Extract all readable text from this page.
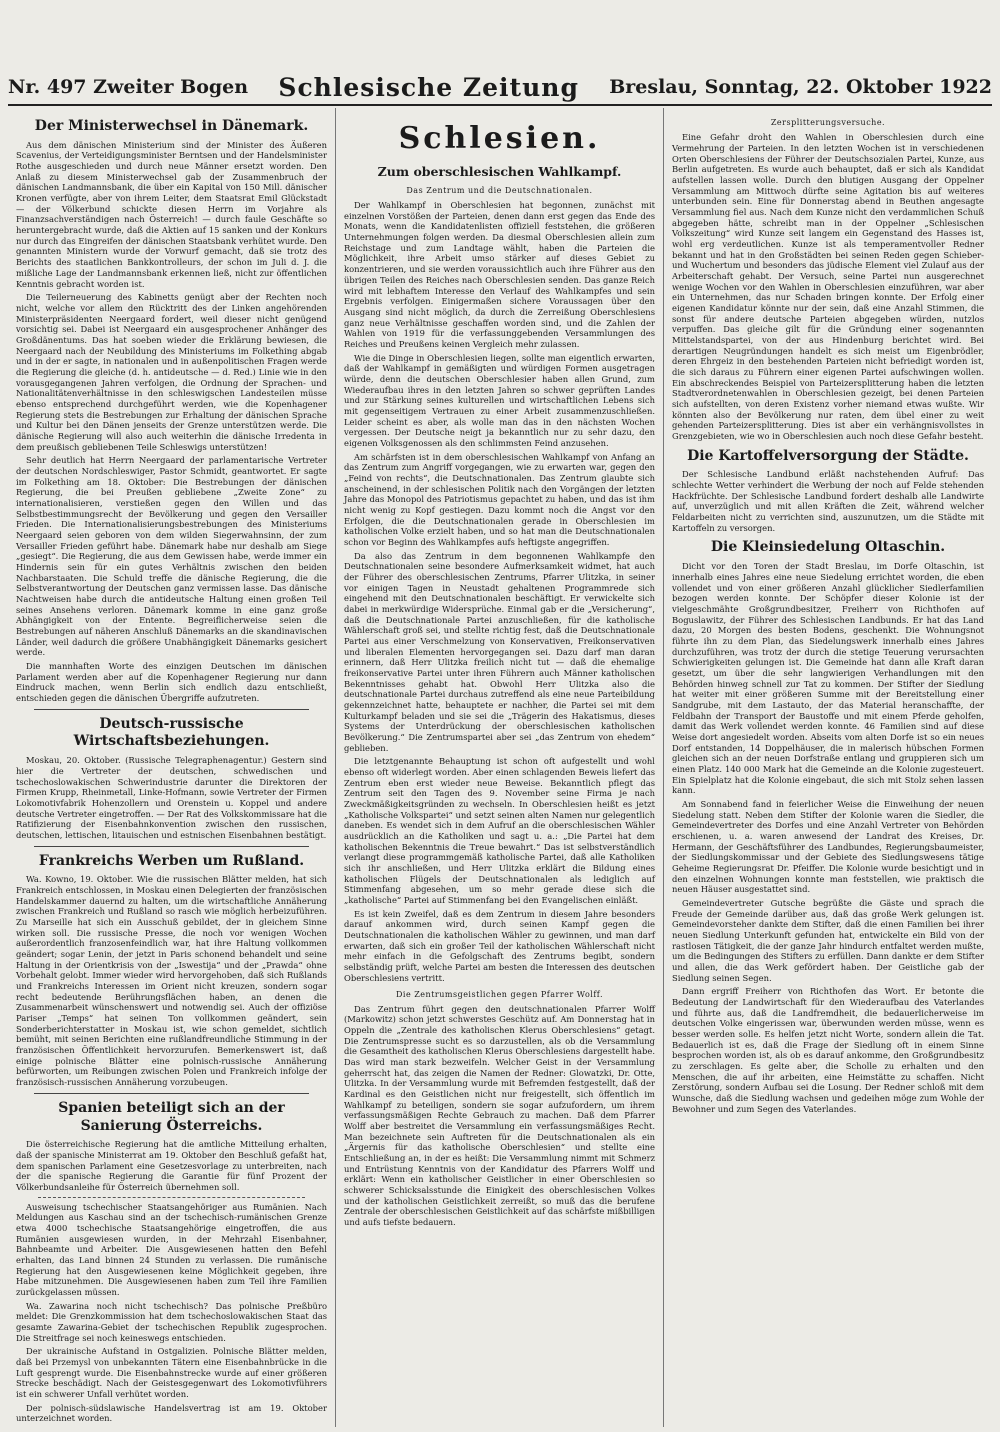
Nr. 497 Zweiter Bogen Schlesische Zeitung Breslau, Sonntag, 22. Oktober 1922
Der Ministerwechsel in Dänemark.

Aus dem dänischen Ministerium sind der Minister des Äußeren Scavenius, der Verteidigungsminister Berntsen und der Handelsminister Rothe ausgeschieden und durch neue Männer ersetzt worden. Den Anlaß zu diesem Ministerwechsel gab der Zusammenbruch der dänischen Landmannsbank, die über ein Kapital von 150 Mill. dänischer Kronen verfügte, aber von ihrem Leiter, dem Staatsrat Emil Glückstadt — der Völkerbund schickte diesen Herrn im Vorjahre als Finanzsachverständigen nach Österreich! — durch faule Geschäfte so heruntergebracht wurde, daß die Aktien auf 15 sanken und der Konkurs nur durch das Eingreifen der dänischen Staatsbank verhütet wurde. Den genannten Ministern wurde der Vorwurf gemacht, daß sie trotz des Berichts des staatlichen Bankkontrolleurs, der schon im Juli d. J. die mißliche Lage der Landmannsbank erkennen ließ, nicht zur öffentlichen Kenntnis gebracht worden ist.

Die Teilerneuerung des Kabinetts genügt aber der Rechten noch nicht, welche vor allem den Rücktritt des der Linken angehörenden Ministerpräsidenten Neergaard fordert, weil dieser nicht genügend vorsichtig sei. Dabei ist Neergaard ein ausgesprochener Anhänger des Großdänentums. Das hat soeben wieder die Erklärung bewiesen, die Neergaard nach der Neubildung des Ministeriums im Folkething abgab und in der er sagte, in nationalen und in außenpolitischen Fragen werde die Regierung die gleiche (d. h. antideutsche — d. Red.) Linie wie in den vorausgegangenen Jahren verfolgen, die Ordnung der Sprachen- und Nationalitätenverhältnisse in den schleswigschen Landesteilen müsse ebenso entsprechend durchgeführt werden, wie die Kopenhagener Regierung stets die Bestrebungen zur Erhaltung der dänischen Sprache und Kultur bei den Dänen jenseits der Grenze unterstützen werde. Die dänische Regierung will also auch weiterhin die dänische Irredenta in dem preußisch gebliebenen Teile Schleswigs unterstützen!

Sehr deutlich hat Herrn Neergaard der parlamentarische Vertreter der deutschen Nordschleswiger, Pastor Schmidt, geantwortet. Er sagte im Folkething am 18. Oktober: Die Bestrebungen der dänischen Regierung, die bei Preußen gebliebene „Zweite Zone“ zu internationalisieren, verstießen gegen den Willen und das Selbstbestimmungsrecht der Bevölkerung und gegen den Versailler Frieden. Die Internationalisierungsbestrebungen des Ministeriums Neergaard seien geboren von dem wilden Siegerwahnsinn, der zum Versailler Frieden geführt habe. Dänemark habe nur deshalb am Siege „gesiegt“. Die Regierung, die aus dem Gewissen habe, werde immer ein Hindernis sein für ein gutes Verhältnis zwischen den beiden Nachbarstaaten. Die Schuld treffe die dänische Regierung, die die Selbstverantwortung der Deutschen ganz vermissen lasse. Das dänische Nachtweisen habe durch die antideutsche Haltung einen großen Teil seines Ansehens verloren. Dänemark komme in eine ganz große Abhängigkeit von der Entente. Begreiflicherweise seien die Bestrebungen auf näheren Anschluß Dänemarks an die skandinavischen Länder, weil dadurch die größere Unabhängigkeit Dänemarks gesichert werde.

Die mannhaften Worte des einzigen Deutschen im dänischen Parlament werden aber auf die Kopenhagener Regierung nur dann Eindruck machen, wenn Berlin sich endlich dazu entschließt, entschieden gegen die dänischen Übergriffe aufzutreten.

Deutsch-russische Wirtschaftsbeziehungen.

Moskau, 20. Oktober. (Russische Telegraphenagentur.) Gestern sind hier die Vertreter der deutschen, schwedischen und tschechoslowakischen Schwerindustrie darunter die Direktoren der Firmen Krupp, Rheinmetall, Linke-Hofmann, sowie Vertreter der Firmen Lokomotivfabrik Hohenzollern und Orenstein u. Koppel und andere deutsche Vertreter eingetroffen. — Der Rat des Volkskommissare hat die Ratifizierung der Eisenbahnkonvention zwischen den russischen, deutschen, lettischen, litauischen und estnischen Eisenbahnen bestätigt.

Frankreichs Werben um Rußland.

Wa. Kowno, 19. Oktober. Wie die russischen Blätter melden, hat sich Frankreich entschlossen, in Moskau einen Delegierten der französischen Handelskammer dauernd zu halten, um die wirtschaftliche Annäherung zwischen Frankreich und Rußland so rasch wie möglich herbeizuführen. Zu Marseille hat sich ein Ausschuß gebildet, der in gleichem Sinne wirken soll. Die russische Presse, die noch vor wenigen Wochen außerordentlich franzosenfeindlich war, hat ihre Haltung vollkommen geändert; sogar Lenin, der jetzt in Paris schonend behandelt und seine Haltung in der Orientkrisis von der „Iswestija“ und der „Prawda“ ohne Vorbehalt gelobt. Immer wieder wird hervorgehoben, daß sich Rußlands und Frankreichs Interessen im Orient nicht kreuzen, sondern sogar recht bedeutende Berührungsflächen haben, an denen die Zusammenarbeit wünschenswert und notwendig sei. Auch der offiziöse Pariser „Temps“ hat seinen Ton vollkommen geändert, sein Sonderberichterstatter in Moskau ist, wie schon gemeldet, sichtlich bemüht, mit seinen Berichten eine rußlandfreundliche Stimmung in der französischen Öffentlichkeit hervorzurufen. Bemerkenswert ist, daß einige polnische Blätter eine polnisch-russische Annäherung befürworten, um Reibungen zwischen Polen und Frankreich infolge der französisch-russischen Annäherung vorzubeugen.

Spanien beteiligt sich an der Sanierung Österreichs.

Die österreichische Regierung hat die amtliche Mitteilung erhalten, daß der spanische Ministerrat am 19. Oktober den Beschluß gefaßt hat, dem spanischen Parlament eine Gesetzesvorlage zu unterbreiten, nach der die spanische Regierung die Garantie für fünf Prozent der Völkerbundsanleihe für Österreich übernehmen soll.

Ausweisung tschechischer Staatsangehöriger aus Rumänien. Nach Meldungen aus Kaschau sind an der tschechisch-rumänischen Grenze etwa 4000 tschechische Staatsangehörige eingetroffen, die aus Rumänien ausgewiesen wurden, in der Mehrzahl Eisenbahner, Bahnbeamte und Arbeiter. Die Ausgewiesenen hatten den Befehl erhalten, das Land binnen 24 Stunden zu verlassen. Die rumänische Regierung hat den Ausgewiesenen keine Möglichkeit gegeben, ihre Habe mitzunehmen. Die Ausgewiesenen haben zum Teil ihre Familien zurückgelassen müssen.

Wa. Zawarina noch nicht tschechisch? Das polnische Preßbüro meldet: Die Grenzkommission hat dem tschechoslowakischen Staat das gesamte Zawarina-Gebiet der tschechischen Republik zugesprochen. Die Streitfrage sei noch keineswegs entschieden.

Der ukrainische Aufstand in Ostgalizien. Polnische Blätter melden, daß bei Przemysl von unbekannten Tätern eine Eisenbahnbrücke in die Luft gesprengt wurde. Die Eisenbahnstrecke wurde auf einer größeren Strecke beschädigt. Nach der Geistesgegenwart des Lokomotivführers ist ein schwerer Unfall verhütet worden.

Der polnisch-südslawische Handelsvertrag ist am 19. Oktober unterzeichnet worden.

Schlesien.
Zum oberschlesischen Wahlkampf.
Das Zentrum und die Deutschnationalen.

Der Wahlkampf in Oberschlesien hat begonnen, zunächst mit einzelnen Vorstößen der Parteien, denen dann erst gegen das Ende des Monats, wenn die Kandidatenlisten offiziell feststehen, die größeren Unternehmungen folgen werden. Da diesmal Oberschlesien allein zum Reichstage und zum Landtage wählt, haben die Parteien die Möglichkeit, ihre Arbeit umso stärker auf dieses Gebiet zu konzentrieren, und sie werden voraussichtlich auch ihre Führer aus den übrigen Teilen des Reiches nach Oberschlesien senden. Das ganze Reich wird mit lebhaftem Interesse den Verlauf des Wahlkampfes und sein Ergebnis verfolgen. Einigermaßen sichere Voraussagen über den Ausgang sind nicht möglich, da durch die Zerreißung Oberschlesiens ganz neue Verhältnisse geschaffen worden sind, und die Zahlen der Wahlen von 1919 für die verfassunggebenden Versammlungen des Reiches und Preußens keinen Vergleich mehr zulassen.

Wie die Dinge in Oberschlesien liegen, sollte man eigentlich erwarten, daß der Wahlkampf in gemäßigten und würdigen Formen ausgetragen würde, denn die deutschen Oberschlesier haben allen Grund, zum Wiederaufbau ihres in den letzten Jahren so schwer geprüften Landes und zur Stärkung seines kulturellen und wirtschaftlichen Lebens sich mit gegenseitigem Vertrauen zu einer Arbeit zusammenzuschließen. Leider scheint es aber, als wolle man das in den nächsten Wochen vergessen. Der Deutsche neigt ja bekanntlich nur zu sehr dazu, den eigenen Volksgenossen als den schlimmsten Feind anzusehen.

Am schärfsten ist in dem oberschlesischen Wahlkampf von Anfang an das Zentrum zum Angriff vorgegangen, wie zu erwarten war, gegen den „Feind von rechts“, die Deutschnationalen. Das Zentrum glaubte sich anscheinend, in der schlesischen Politik nach den Vorgängen der letzten Jahre das Monopol des Patriotismus gepachtet zu haben, und das ist ihm nicht wenig zu Kopf gestiegen. Dazu kommt noch die Angst vor den Erfolgen, die die Deutschnationalen gerade in Oberschlesien im katholischen Volke erzielt haben, und so hat man die Deutschnationalen schon vor Beginn des Wahlkampfes aufs heftigste angegriffen.

Da also das Zentrum in dem begonnenen Wahlkampfe den Deutschnationalen seine besondere Aufmerksamkeit widmet, hat auch der Führer des oberschlesischen Zentrums, Pfarrer Ulitzka, in seiner vor einigen Tagen in Neustadt gehaltenen Programmrede sich eingehend mit den Deutschnationalen beschäftigt. Er verwickelte sich dabei in merkwürdige Widersprüche. Einmal gab er die „Versicherung“, daß die Deutschnationale Partei anzuschließen, für die katholische Wählerschaft groß sei, und stellte richtig fest, daß die Deutschnationale Partei aus einer Verschmelzung von Konservativen, Freikonservativen und liberalen Elementen hervorgegangen sei. Dazu darf man daran erinnern, daß Herr Ulitzka freilich nicht tut — daß die ehemalige freikonservative Partei unter ihren Führern auch Männer katholischen Bekenntnisses gehabt hat. Obwohl Herr Ulitzka also die deutschnationale Partei durchaus zutreffend als eine neue Parteibildung gekennzeichnet hatte, behauptete er nachher, die Partei sei mit dem Kulturkampf beladen und sie sei die „Trägerin des Hakatismus, dieses Systems der Unterdrückung der oberschlesischen katholischen Bevölkerung.“ Die Zentrumspartei aber sei „das Zentrum von ehedem“ geblieben.

Die letztgenannte Behauptung ist schon oft aufgestellt und wohl ebenso oft widerlegt worden. Aber einen schlagenden Beweis liefert das Zentrum eben erst wieder neue Beweise. Bekanntlich pflegt das Zentrum seit den Tagen des 9. November seine Firma je nach Zweckmäßigkeitsgründen zu wechseln. In Oberschlesien heißt es jetzt „Katholische Volkspartei“ und setzt seinen alten Namen nur gelegentlich daneben. Es wendet sich in dem Aufruf an die oberschlesischen Wähler ausdrücklich an die Katholiken und sagt u. a.: „Die Partei hat dem katholischen Bekenntnis die Treue bewahrt.“ Das ist selbstverständlich verlangt diese programmgemäß katholische Partei, daß alle Katholiken sich ihr anschließen, und Herr Ulitzka erklärt die Bildung eines katholischen Flügels der Deutschnationalen als lediglich auf Stimmenfang abgesehen, um so mehr gerade diese sich die „katholische“ Partei auf Stimmenfang bei den Evangelischen einläßt.

Es ist kein Zweifel, daß es dem Zentrum in diesem Jahre besonders darauf ankommen wird, durch seinen Kampf gegen die Deutschnationalen die katholischen Wähler zu gewinnen, und man darf erwarten, daß sich ein großer Teil der katholischen Wählerschaft nicht mehr einfach in die Gefolgschaft des Zentrums begibt, sondern selbständig prüft, welche Partei am besten die Interessen des deutschen Oberschlesiens vertritt.

Die Zentrumsgeistlichen gegen Pfarrer Wolff.

Das Zentrum führt gegen den deutschnationalen Pfarrer Wolff (Markowitz) schon jetzt schwerstes Geschütz auf. Am Donnerstag hat in Oppeln die „Zentrale des katholischen Klerus Oberschlesiens“ getagt. Die Zentrumspresse sucht es so darzustellen, als ob die Versammlung die Gesamtheit des katholischen Klerus Oberschlesiens dargestellt habe. Das wird man stark bezweifeln. Welcher Geist in der Versammlung geherrscht hat, das zeigen die Namen der Redner: Glowatzki, Dr. Otte, Ulitzka. In der Versammlung wurde mit Befremden festgestellt, daß der Kardinal es den Geistlichen nicht nur freigestellt, sich öffentlich im Wahlkampf zu beteiligen, sondern sie sogar aufzufordern, um ihrem verfassungsmäßigen Rechte Gebrauch zu machen. Daß dem Pfarrer Wolff aber bestreitet die Versammlung ein verfassungsmäßiges Recht. Man bezeichnete sein Auftreten für die Deutschnationalen als ein „Ärgernis für das katholische Oberschlesien“ und stellte eine Entschließung an, in der es heißt: Die Versammlung nimmt mit Schmerz und Entrüstung Kenntnis von der Kandidatur des Pfarrers Wolff und erklärt: Wenn ein katholischer Geistlicher in einer Oberschlesien so schwerer Schicksalsstunde die Einigkeit des oberschlesischen Volkes und der katholischen Geistlichkeit zerreißt, so muß das die berufene Zentrale der oberschlesischen Geistlichkeit auf das schärfste mißbilligen und aufs tiefste bedauern.

Zersplitterungsversuche.

Eine Gefahr droht den Wahlen in Oberschlesien durch eine Vermehrung der Parteien. In den letzten Wochen ist in verschiedenen Orten Oberschlesiens der Führer der Deutschsozialen Partei, Kunze, aus Berlin aufgetreten. Es wurde auch behauptet, daß er sich als Kandidat aufstellen lassen wolle. Durch den blutigen Ausgang der Oppelner Versammlung am Mittwoch dürfte seine Agitation bis auf weiteres unterbunden sein. Eine für Donnerstag abend in Beuthen angesagte Versammlung fiel aus. Nach dem Kunze nicht den verdammlichen Schuß abgegeben hätte, schreibt man in der Oppelner „Schlesischen Volkszeitung“ wird Kunze seit langem ein Gegenstand des Hasses ist, wohl erg verdeutlichen. Kunze ist als temperamentvoller Redner bekannt und hat in den Großstädten bei seinen Reden gegen Schieber- und Wuchertum und besonders das jüdische Element viel Zulauf aus der Arbeiterschaft gehabt. Der Versuch, seine Partei nun ausgerechnet wenige Wochen vor den Wahlen in Oberschlesien einzuführen, war aber ein Unternehmen, das nur Schaden bringen konnte. Der Erfolg einer eigenen Kandidatur könnte nur der sein, daß eine Anzahl Stimmen, die sonst für andere deutsche Parteien abgegeben würden, nutzlos verpuffen. Das gleiche gilt für die Gründung einer sogenannten Mittelstandspartei, von der aus Hindenburg berichtet wird. Bei derartigen Neugründungen handelt es sich meist um Eigenbrödler, deren Ehrgeiz in den bestehenden Parteien nicht befriedigt worden ist, die sich daraus zu Führern einer eigenen Partei aufschwingen wollen. Ein abschreckendes Beispiel von Parteizersplitterung haben die letzten Stadtverordnetenwahlen in Oberschlesien gezeigt, bei denen Parteien sich aufstellten, von deren Existenz vorher niemand etwas wußte. Wir könnten also der Bevölkerung nur raten, dem übel einer zu weit gehenden Parteizersplitterung. Dies ist aber ein verhängnisvollstes in Grenzgebieten, wie wo in Oberschlesien auch noch diese Gefahr besteht.

Die Kartoffelversorgung der Städte.

Der Schlesische Landbund erläßt nachstehenden Aufruf: Das schlechte Wetter verhindert die Werbung der noch auf Felde stehenden Hackfrüchte. Der Schlesische Landbund fordert deshalb alle Landwirte auf, unverzüglich und mit allen Kräften die Zeit, während welcher Feldarbeiten nicht zu verrichten sind, auszunutzen, um die Städte mit Kartoffeln zu versorgen.

Die Kleinsiedelung Oltaschin.

Dicht vor den Toren der Stadt Breslau, im Dorfe Oltaschin, ist innerhalb eines Jahres eine neue Siedelung errichtet worden, die eben vollendet und von einer größeren Anzahl glücklicher Siedlerfamilien bezogen werden konnte. Der Schöpfer dieser Kolonie ist der vielgeschmähte Großgrundbesitzer, Freiherr von Richthofen auf Boguslawitz, der Führer des Schlesischen Landbunds. Er hat das Land dazu, 20 Morgen des besten Bodens, geschenkt. Die Wohnungsnot führte ihn zu dem Plan, das Siedelungswerk innerhalb eines Jahres durchzuführen, was trotz der durch die stetige Teuerung verursachten Schwierigkeiten gelungen ist. Die Gemeinde hat dann alle Kraft daran gesetzt, um über die sehr langwierigen Verhandlungen mit den Behörden hinweg schnell zur Tat zu kommen. Der Stifter der Siedlung hat weiter mit einer größeren Summe mit der Bereitstellung einer Sandgrube, mit dem Lastauto, der das Material heranschaffte, der Feldbahn der Transport der Baustoffe und mit einem Pferde geholfen, damit das Werk vollendet werden konnte. 46 Familien sind auf diese Weise dort angesiedelt worden. Abseits vom alten Dorfe ist so ein neues Dorf entstanden, 14 Doppelhäuser, die in malerisch hübschen Formen gleichen sich an der neuen Dorfstraße entlang und gruppieren sich um einen Platz. 140 000 Mark hat die Gemeinde an die Kolonie zugesteuert. Ein Spielplatz hat die Kolonie eingebaut, die sich mit Stolz sehen lassen kann.

Am Sonnabend fand in feierlicher Weise die Einweihung der neuen Siedelung statt. Neben dem Stifter der Kolonie waren die Siedler, die Gemeindevertreter des Dorfes und eine Anzahl Vertreter von Behörden erschienen, u. a. waren anwesend der Landrat des Kreises, Dr. Hermann, der Geschäftsführer des Landbundes, Regierungsbaumeister, der Siedlungskommissar und der Gebiete des Siedlungswesens tätige Geheime Regierungsrat Dr. Pfeiffer. Die Kolonie wurde besichtigt und in den einzelnen Wohnungen konnte man feststellen, wie praktisch die neuen Häuser ausgestattet sind.

Gemeindevertreter Gutsche begrüßte die Gäste und sprach die Freude der Gemeinde darüber aus, daß das große Werk gelungen ist. Gemeindevorsteher dankte dem Stifter, daß die einen Familien bei ihrer neuen Siedlung Unterkunft gefunden hat, entwickelte ein Bild von der rastlosen Tätigkeit, die der ganze Jahr hindurch entfaltet werden mußte, um die Bedingungen des Stifters zu erfüllen. Dann dankte er dem Stifter und allen, die das Werk gefördert haben. Der Geistliche gab der Siedlung seinen Segen.

Dann ergriff Freiherr von Richthofen das Wort. Er betonte die Bedeutung der Landwirtschaft für den Wiederaufbau des Vaterlandes und führte aus, daß die Landfremdheit, die bedauerlicherweise im deutschen Volke eingerissen war, überwunden werden müsse, wenn es besser werden solle. Es helfen jetzt nicht Worte, sondern allein die Tat. Bedauerlich ist es, daß die Frage der Siedlung oft in einem Sinne besprochen worden ist, als ob es darauf ankomme, den Großgrundbesitz zu zerschlagen. Es gelte aber, die Scholle zu erhalten und den Menschen, die auf ihr arbeiten, eine Heimstätte zu schaffen. Nicht Zerstörung, sondern Aufbau sei die Losung. Der Redner schloß mit dem Wunsche, daß die Siedlung wachsen und gedeihen möge zum Wohle der Bewohner und zum Segen des Vaterlandes.
